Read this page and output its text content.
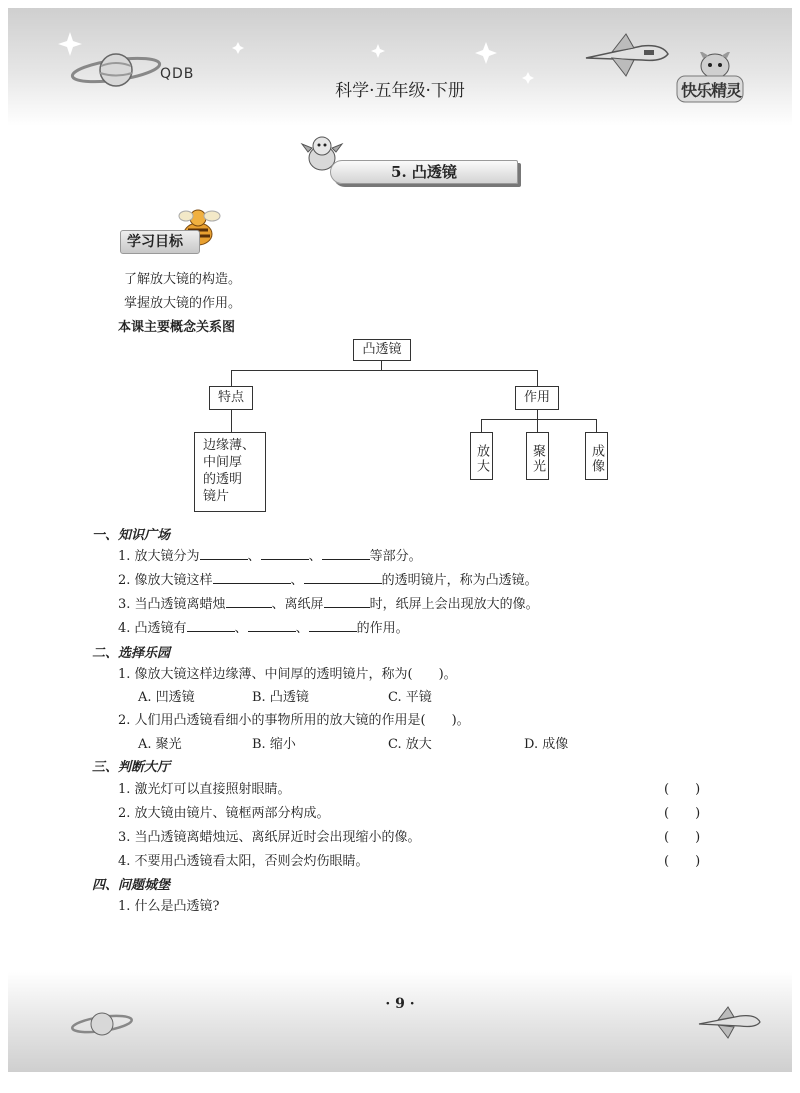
QDB
科学·五年级·下册	快乐精灵
5. 凸透镜
学习目标
了解放大镜的构造。
掌握放大镜的作用。
本课主要概念关系图
凸透镜
特点	作用
边缘薄、
中间厚
的透明
镜片
放大	聚光	成像
一、知识广场
1. 放大镜分为	、	、	等部分。
2. 像放大镜这样	、	的透明镜片，称为凸透镜。
3. 当凸透镜离蜡烛	、离纸屏	时，纸屏上会出现放大的像。
4. 凸透镜有	、	、	的作用。
二、选择乐园
1. 像放大镜这样边缘薄、中间厚的透明镜片，称为(　　)。
A. 凹透镜	B. 凸透镜	C. 平镜
2. 人们用凸透镜看细小的事物所用的放大镜的作用是(　　)。
A. 聚光	B. 缩小	C. 放大	D. 成像
三、判断大厅
1. 激光灯可以直接照射眼睛。	(　　)
2. 放大镜由镜片、镜框两部分构成。	(　　)
3. 当凸透镜离蜡烛远、离纸屏近时会出现缩小的像。	(　　)
4. 不要用凸透镜看太阳，否则会灼伤眼睛。	(　　)
四、问题城堡
1. 什么是凸透镜?
· 9 ·
